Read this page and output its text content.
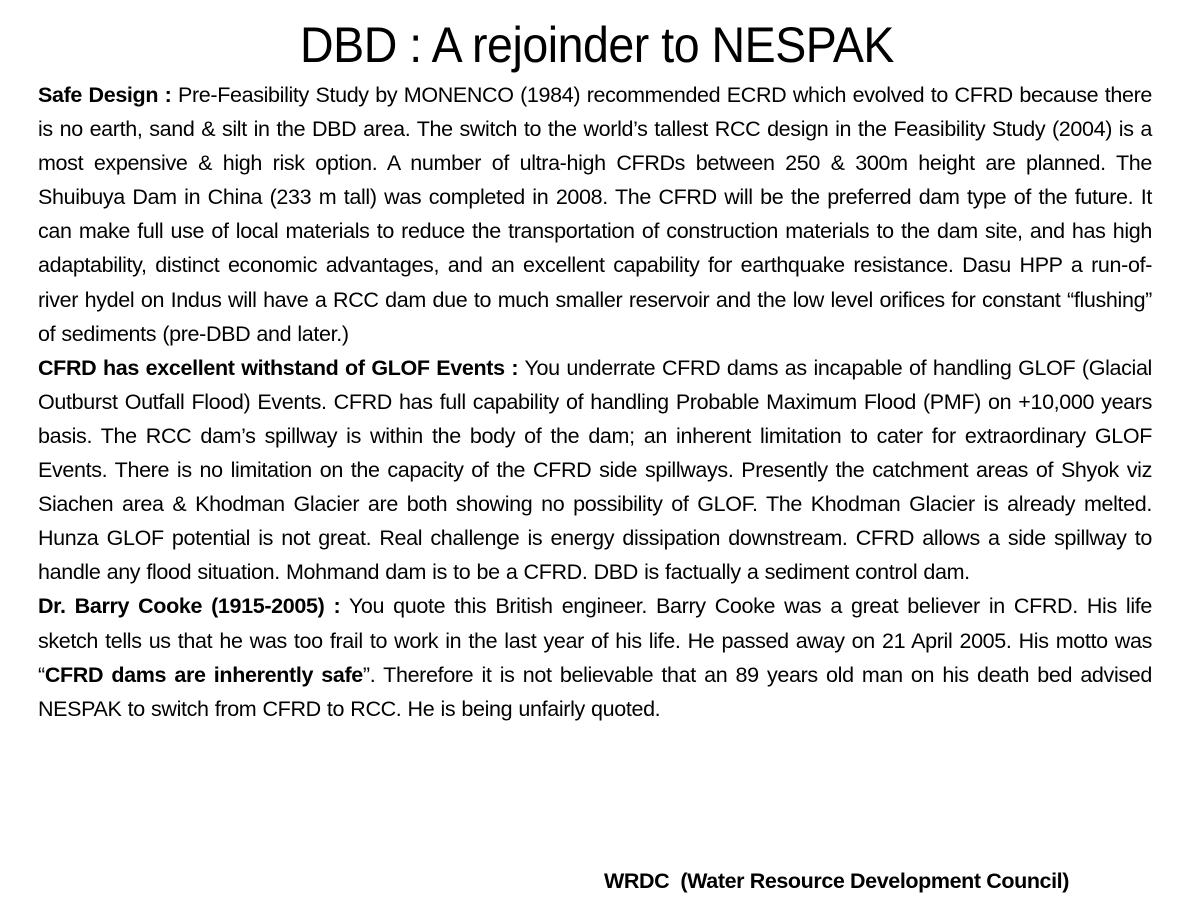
DBD : A rejoinder to NESPAK

Safe Design : Pre-Feasibility Study by MONENCO (1984) recommended ECRD which evolved to CFRD because there is no earth, sand & silt in the DBD area. The switch to the world’s tallest RCC design in the Feasibility Study (2004) is a most expensive & high risk option. A number of ultra-high CFRDs between 250 & 300m height are planned. The Shuibuya Dam in China (233 m tall) was completed in 2008. The CFRD will be the preferred dam type of the future. It can make full use of local materials to reduce the transportation of construction materials to the dam site, and has high adaptability, distinct economic advantages, and an excellent capability for earthquake resistance. Dasu HPP a run-of-river hydel on Indus will have a RCC dam due to much smaller reservoir and the low level orifices for constant “flushing” of sediments (pre-DBD and later.)

CFRD has excellent withstand of GLOF Events : You underrate CFRD dams as incapable of handling GLOF (Glacial Outburst Outfall Flood) Events. CFRD has full capability of handling Probable Maximum Flood (PMF) on +10,000 years basis. The RCC dam’s spillway is within the body of the dam; an inherent limitation to cater for extraordinary GLOF Events. There is no limitation on the capacity of the CFRD side spillways. Presently the catchment areas of Shyok viz Siachen area & Khodman Glacier are both showing no possibility of GLOF. The Khodman Glacier is already melted. Hunza GLOF potential is not great. Real challenge is energy dissipation downstream. CFRD allows a side spillway to handle any flood situation. Mohmand dam is to be a CFRD. DBD is factually a sediment control dam.

Dr. Barry Cooke (1915-2005) : You quote this British engineer. Barry Cooke was a great believer in CFRD. His life sketch tells us that he was too frail to work in the last year of his life. He passed away on 21 April 2005. His motto was “CFRD dams are inherently safe”. Therefore it is not believable that an 89 years old man on his death bed advised NESPAK to switch from CFRD to RCC. He is being unfairly quoted.

WRDC  (Water Resource Development Council)
